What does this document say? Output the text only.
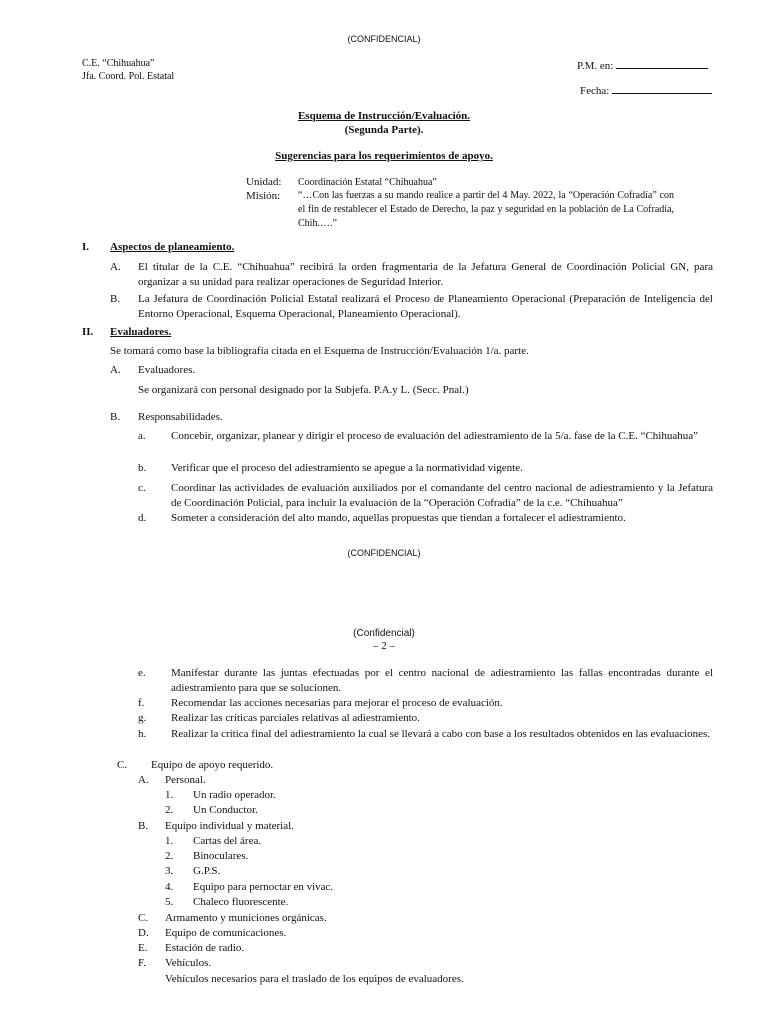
(CONFIDENCIAL)
C.E. “Chihuahua”
Jfa. Coord. Pol. Estatal
P.M. en:
Fecha:
Esquema de Instrucción/Evaluación.
(Segunda Parte).
Sugerencias para los requerimientos de apoyo.
Unidad: Coordinación Estatal “Chihuahua”
Misión: “…Con las fuerzas a su mando realice a partir del 4 May. 2022, la “Operación Cofradía” con el fin de restablecer el Estado de Derecho, la paz y seguridad en la población de La Cofradía, Chih.….”
I. Aspectos de planeamiento.
A. El titular de la C.E. “Chihuahua” recibirá la orden fragmentaria de la Jefatura General de Coordinación Policial GN, para organizar a su unidad para realizar operaciones de Seguridad Interior.
B. La Jefatura de Coordinación Policial Estatal realizará el Proceso de Planeamiento Operacional (Preparación de Inteligencia del Entorno Operacional, Esquema Operacional, Planeamiento Operacional).
II. Evaluadores.
Se tomará como base la bibliografía citada en el Esquema de Instrucción/Evaluación 1/a. parte.
A. Evaluadores.
Se organizará con personal designado por la Subjefa. P.A.y L. (Secc. Pnal.)
B. Responsabilidades.
a. Concebir, organizar, planear y dirigir el proceso de evaluación del adiestramiento de la 5/a. fase de la C.E. “Chihuahua”
b. Verificar que el proceso del adiestramiento se apegue a la normatividad vigente.
c. Coordinar las actividades de evaluación auxiliados por el comandante del centro nacional de adiestramiento y la Jefatura de Coordinación Policial, para incluir la evaluación de la “Operación Cofradía” de la c.e. “Chihuahua”
d. Someter a consideración del alto mando, aquellas propuestas que tiendan a fortalecer el adiestramiento.
(CONFIDENCIAL)
(Confidencial)
– 2 –
e. Manifestar durante las juntas efectuadas por el centro nacional de adiestramiento las fallas encontradas durante el adiestramiento para que se solucionen.
f. Recomendar las acciones necesarias para mejorar el proceso de evaluación.
g. Realizar las críticas parciales relativas al adiestramiento.
h. Realizar la crítica final del adiestramiento la cual se llevará a cabo con base a los resultados obtenidos en las evaluaciones.
C. Equipo de apoyo requerido.
A. Personal.
1. Un radio operador.
2. Un Conductor.
B. Equipo individual y material.
1. Cartas del área.
2. Binoculares.
3. G.P.S.
4. Equipo para pernoctar en vivac.
5. Chaleco fluorescente.
C. Armamento y municiones orgánicas.
D. Equipo de comunicaciones.
E. Estación de radio.
F. Vehículos.
Vehículos necesarios para el traslado de los equipos de evaluadores.
